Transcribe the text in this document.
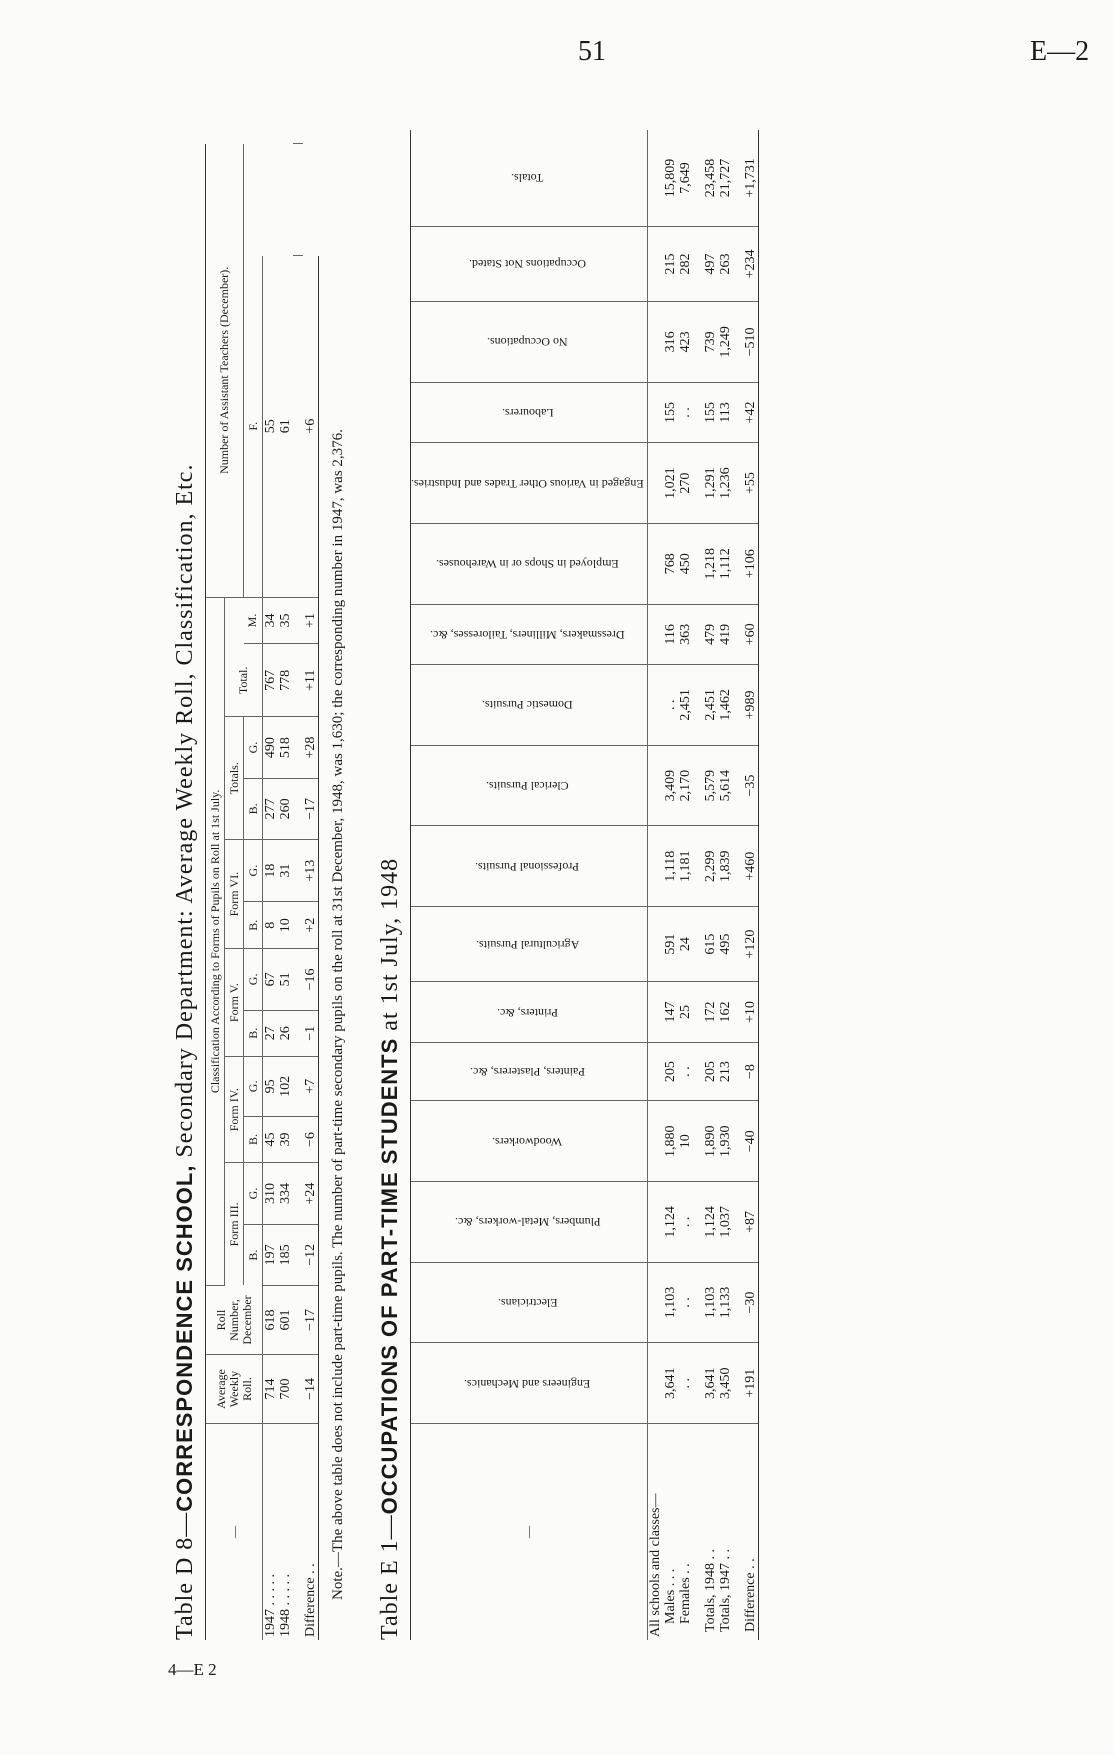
51	E—2
4—E 2
Table D 8—CORRESPONDENCE SCHOOL, Secondary Department: Average Weekly Roll, Classification, Etc.
—	Average Weekly Roll.	Roll Number, December	Classification According to Forms of Pupils on Roll at 1st July.												Number of Assistant Teachers (December).		
			Form III.		Form IV.		Form V.		Form VI.		Totals.		Total.				
			B.	G.	B.	G.	B.	G.	B.	G.	B.	G.		M.	F.		
1947 . . . . .	714	618	197	310	45	95	27	67	8	18	277	490	767	34	55		
1948 . . . . .	700	601	185	334	39	102	26	51	10	31	260	518	778	35	61		

Difference . .	−14	−17	−12	+24	−6	+7	−1	−16	+2	+13	−17	+28	+11	+1	+6		
Note.—The above table does not include part-time pupils. The number of part-time secondary pupils on the roll at 31st December, 1948, was 1,630; the corresponding number in 1947, was 2,376. Table E 1—OCCUPATIONS OF PART-TIME STUDENTS at 1st July, 1948
—	Engineers and Mechanics.	Electricians.	Plumbers, Metal-workers, &c.	Woodworkers.	Painters, Plasterers, &c.	Printers, &c.	Agricultural Pursuits.	Professional Pursuits.	Clerical Pursuits.	Domestic Pursuits.	Dressmakers, Milliners, Tailoresses, &c.	Employed in Shops or in Warehouses.	Engaged in Various Other Trades and Industries.	Labourers.	No Occupations.	Occupations Not Stated.	Totals.
All schools and classes—																	
Males . . .	3,641	1,103	1,124	1,880	205	147	591	1,118	3,409	. .	116	768	1,021	155	316	215	15,809
Females . .	. .	. .	. .	10	. .	25	24	1,181	2,170	2,451	363	450	270	. .	423	282	7,649

Totals, 1948 . .	3,641	1,103	1,124	1,890	205	172	615	2,299	5,579	2,451	479	1,218	1,291	155	739	497	23,458
Totals, 1947 . .	3,450	1,133	1,037	1,930	213	162	495	1,839	5,614	1,462	419	1,112	1,236	113	1,249	263	21,727

Difference . .	+191	−30	+87	−40	−8	+10	+120	+460	−35	+989	+60	+106	+55	+42	−510	+234	+1,731
